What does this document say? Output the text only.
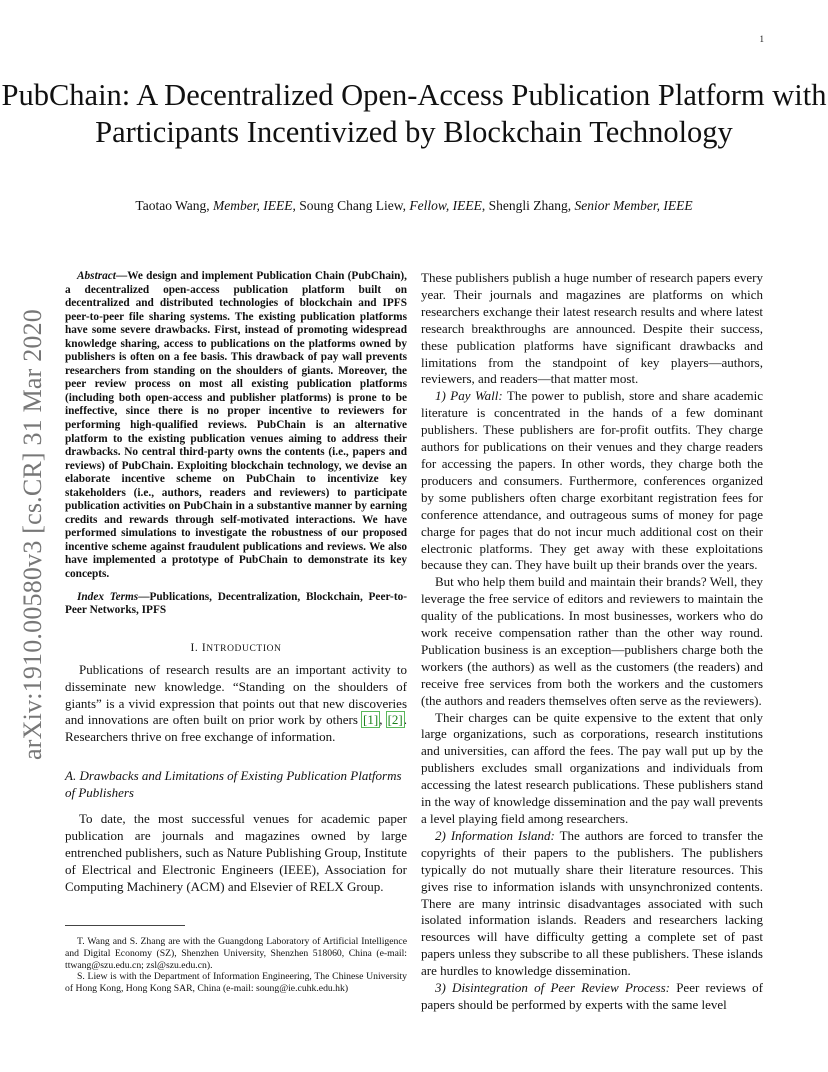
1
arXiv:1910.00580v3 [cs.CR] 31 Mar 2020
PubChain: A Decentralized Open-Access Publication Platform with Participants Incentivized by Blockchain Technology
Taotao Wang, Member, IEEE, Soung Chang Liew, Fellow, IEEE, Shengli Zhang, Senior Member, IEEE

Abstract—We design and implement Publication Chain (PubChain), a decentralized open-access publication platform built on decentralized and distributed technologies of blockchain and IPFS peer-to-peer file sharing systems. The existing publication platforms have some severe drawbacks. First, instead of promoting widespread knowledge sharing, access to publications on the platforms owned by publishers is often on a fee basis. This drawback of pay wall prevents researchers from standing on the shoulders of giants. Moreover, the peer review process on most all existing publication platforms (including both open-access and publisher platforms) is prone to be ineffective, since there is no proper incentive to reviewers for performing high-qualified reviews. PubChain is an alternative platform to the existing publication venues aiming to address their drawbacks. No central third-party owns the contents (i.e., papers and reviews) of PubChain. Exploiting blockchain technology, we devise an elaborate incentive scheme on PubChain to incentivize key stakeholders (i.e., authors, readers and reviewers) to participate publication activities on PubChain in a substantive manner by earning credits and rewards through self-motivated interactions. We have performed simulations to investigate the robustness of our proposed incentive scheme against fraudulent publications and reviews. We also have implemented a prototype of PubChain to demonstrate its key concepts.

Index Terms—Publications, Decentralization, Blockchain, Peer-to-Peer Networks, IPFS

I. INTRODUCTION

Publications of research results are an important activity to disseminate new knowledge. “Standing on the shoulders of giants” is a vivid expression that points out that new discoveries and innovations are often built on prior work by others [1], [2]. Researchers thrive on free exchange of information.

A. Drawbacks and Limitations of Existing Publication Platforms of Publishers

To date, the most successful venues for academic paper publication are journals and magazines owned by large entrenched publishers, such as Nature Publishing Group, Institute of Electrical and Electronic Engineers (IEEE), Association for Computing Machinery (ACM) and Elsevier of RELX Group.

T. Wang and S. Zhang are with the Guangdong Laboratory of Artificial Intelligence and Digital Economy (SZ), Shenzhen University, Shenzhen 518060, China (e-mail: ttwang@szu.edu.cn; zsl@szu.edu.cn).

S. Liew is with the Department of Information Engineering, The Chinese University of Hong Kong, Hong Kong SAR, China (e-mail: soung@ie.cuhk.edu.hk)

These publishers publish a huge number of research papers every year. Their journals and magazines are platforms on which researchers exchange their latest research results and where latest research breakthroughs are announced. Despite their success, these publication platforms have significant drawbacks and limitations from the standpoint of key players—authors, reviewers, and readers—that matter most.

1) Pay Wall: The power to publish, store and share academic literature is concentrated in the hands of a few dominant publishers. These publishers are for-profit outfits. They charge authors for publications on their venues and they charge readers for accessing the papers. In other words, they charge both the producers and consumers. Furthermore, conferences organized by some publishers often charge exorbitant registration fees for conference attendance, and outrageous sums of money for page charge for pages that do not incur much additional cost on their electronic platforms. They get away with these exploitations because they can. They have built up their brands over the years.

But who help them build and maintain their brands? Well, they leverage the free service of editors and reviewers to maintain the quality of the publications. In most businesses, workers who do work receive compensation rather than the other way round. Publication business is an exception—publishers charge both the workers (the authors) as well as the customers (the readers) and receive free services from both the workers and the customers (the authors and readers themselves often serve as the reviewers).

Their charges can be quite expensive to the extent that only large organizations, such as corporations, research institutions and universities, can afford the fees. The pay wall put up by the publishers excludes small organizations and individuals from accessing the latest research publications. These publishers stand in the way of knowledge dissemination and the pay wall prevents a level playing field among researchers.

2) Information Island: The authors are forced to transfer the copyrights of their papers to the publishers. The publishers typically do not mutually share their literature resources. This gives rise to information islands with unsynchronized contents. There are many intrinsic disadvantages associated with such isolated information islands. Readers and researchers lacking resources will have difficulty getting a complete set of past papers unless they subscribe to all these publishers. These islands are hurdles to knowledge dissemination.

3) Disintegration of Peer Review Process: Peer reviews of papers should be performed by experts with the same level
